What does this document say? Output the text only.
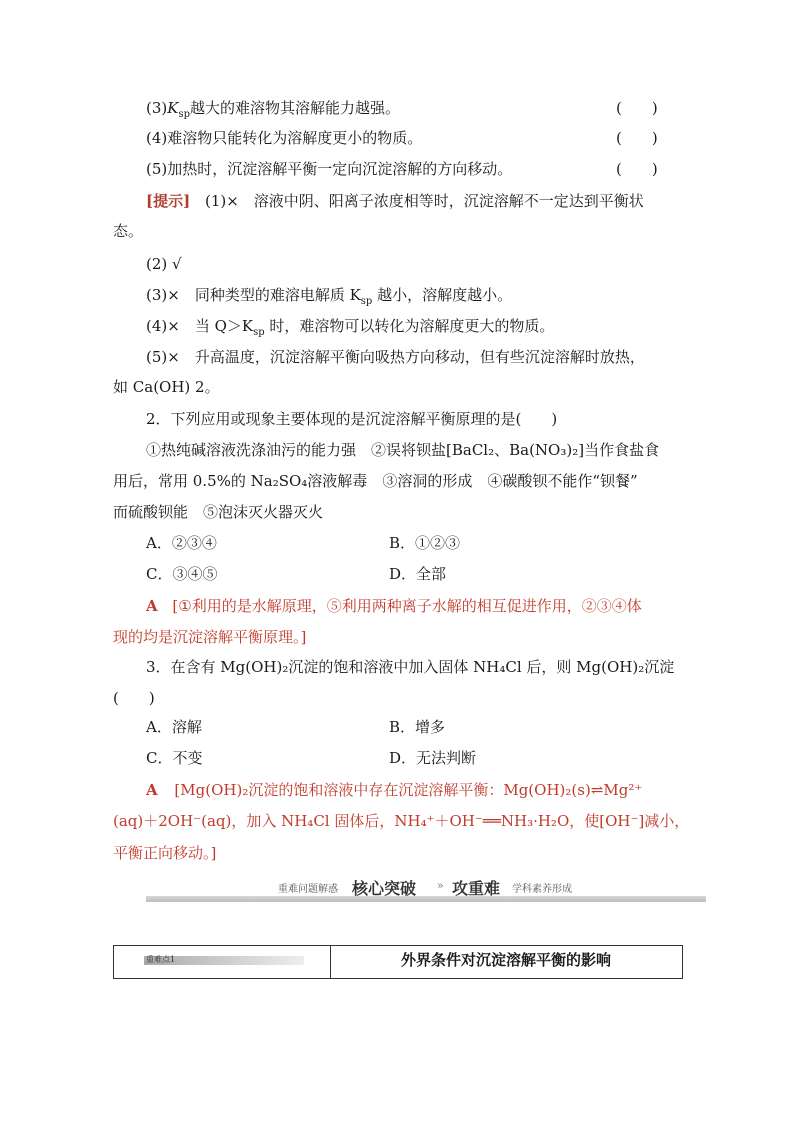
$(3)K_{sp}$越大的难溶物其溶解能力越强。	(　　)
(4)难溶物只能转化为溶解度更小的物质。	(　　)
(5)加热时，沉淀溶解平衡一定向沉淀溶解的方向移动。	(　　)
[提示] (1)×　溶液中阴、阳离子浓度相等时，沉淀溶解不一定达到平衡状
态。
(2) √
(3)×　同种类型的难溶电解质 $K_{sp}$ 越小，溶解度越小。
(4)×　当 $Q>K_{sp}$ 时，难溶物可以转化为溶解度更大的物质。
(5)×　升高温度，沉淀溶解平衡向吸热方向移动，但有些沉淀溶解时放热，
如 Ca(OH) 2。
2．下列应用或现象主要体现的是沉淀溶解平衡原理的是(　　)
①热纯碱溶液洗涤油污的能力强　②误将钡盐[BaCl₂、Ba(NO₃)₂]当作食盐食
用后，常用 0.5%的 Na₂SO₄溶液解毒　③溶洞的形成　④碳酸钡不能作“钡餐”
而硫酸钡能　⑤泡沫灭火器灭火
A．②③④	B．①②③
C．③④⑤	D．全部
A [①利用的是水解原理，⑤利用两种离子水解的相互促进作用，②③④体
现的均是沉淀溶解平衡原理。]
3．在含有 Mg(OH)₂沉淀的饱和溶液中加入固体 NH₄Cl 后，则 Mg(OH)₂沉淀
(　　)
A．溶解	B．增多
C．不变	D．无法判断
A [Mg(OH)₂沉淀的饱和溶液中存在沉淀溶解平衡：Mg(OH)₂(s)⇌Mg²⁺
(aq)＋2OH⁻(aq)，加入 NH₄Cl 固体后，NH₄⁺＋OH⁻══NH₃·H₂O，使[OH⁻]减小，
平衡正向移动。]
重难问题解惑 核心突破 » 攻重难 学科素养形成
重难点1	外界条件对沉淀溶解平衡的影响
